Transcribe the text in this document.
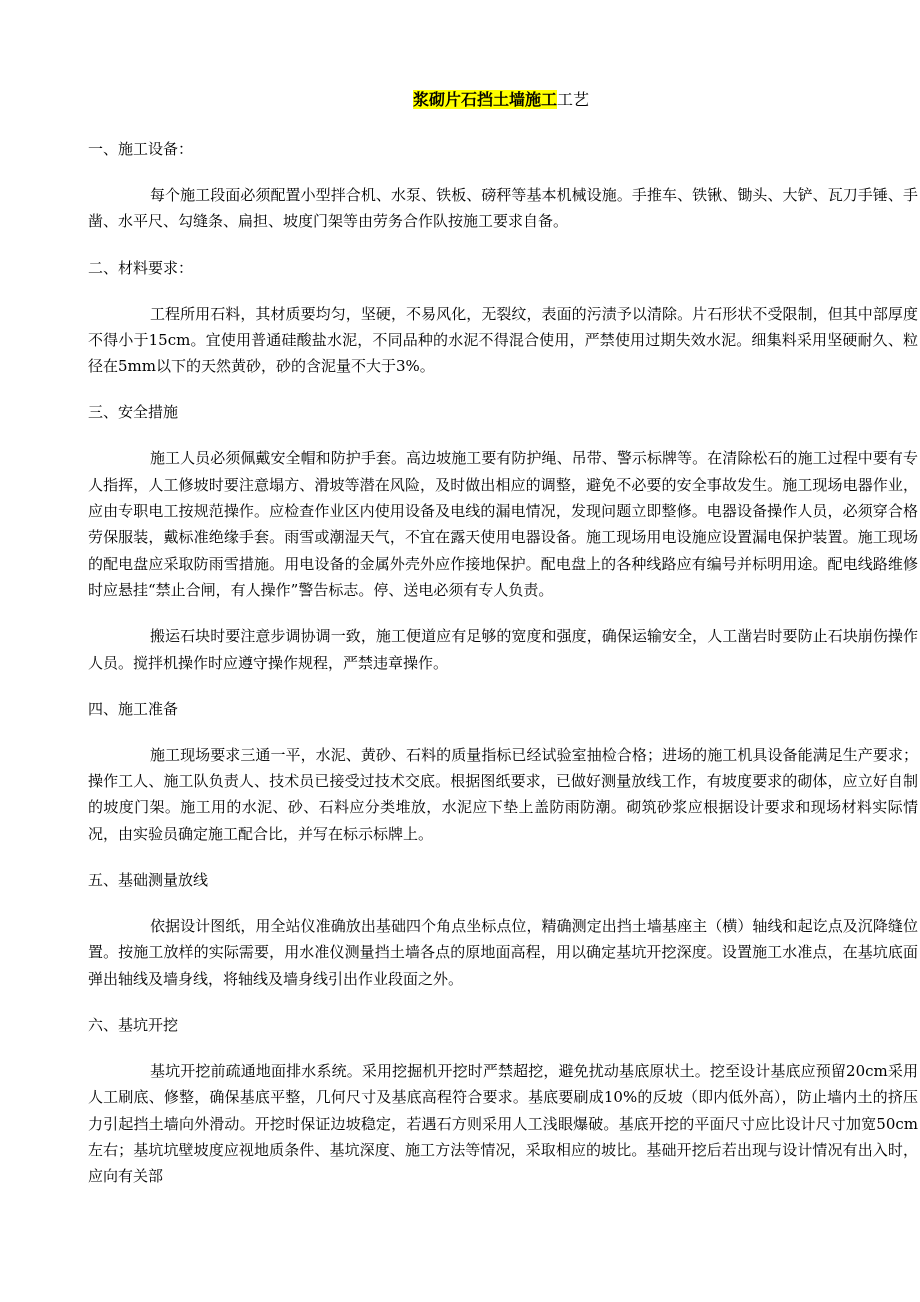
浆砌片石挡土墙施工工艺
一、施工设备：

每个施工段面必须配置小型拌合机、水泵、铁板、磅秤等基本机械设施。手推车、铁锹、锄头、大铲、瓦刀手锤、手凿、水平尺、勾缝条、扁担、坡度门架等由劳务合作队按施工要求自备。

二、材料要求：

工程所用石料，其材质要均匀，坚硬，不易风化，无裂纹，表面的污渍予以清除。片石形状不受限制，但其中部厚度不得小于15cm。宜使用普通硅酸盐水泥，不同品种的水泥不得混合使用，严禁使用过期失效水泥。细集料采用坚硬耐久、粒径在5mm以下的天然黄砂，砂的含泥量不大于3%。

三、安全措施

施工人员必须佩戴安全帽和防护手套。高边坡施工要有防护绳、吊带、警示标牌等。在清除松石的施工过程中要有专人指挥，人工修坡时要注意塌方、滑坡等潜在风险，及时做出相应的调整，避免不必要的安全事故发生。施工现场电器作业，应由专职电工按规范操作。应检查作业区内使用设备及电线的漏电情况，发现问题立即整修。电器设备操作人员，必须穿合格劳保服装，戴标准绝缘手套。雨雪或潮湿天气，不宜在露天使用电器设备。施工现场用电设施应设置漏电保护装置。施工现场的配电盘应采取防雨雪措施。用电设备的金属外壳外应作接地保护。配电盘上的各种线路应有编号并标明用途。配电线路维修时应悬挂“禁止合闸，有人操作”警告标志。停、送电必须有专人负责。

搬运石块时要注意步调协调一致，施工便道应有足够的宽度和强度，确保运输安全，人工凿岩时要防止石块崩伤操作人员。搅拌机操作时应遵守操作规程，严禁违章操作。

四、施工准备

施工现场要求三通一平，水泥、黄砂、石料的质量指标已经试验室抽检合格；进场的施工机具设备能满足生产要求；操作工人、施工队负责人、技术员已接受过技术交底。根据图纸要求，已做好测量放线工作，有坡度要求的砌体，应立好自制的坡度门架。施工用的水泥、砂、石料应分类堆放，水泥应下垫上盖防雨防潮。砌筑砂浆应根据设计要求和现场材料实际情况，由实验员确定施工配合比，并写在标示标牌上。

五、基础测量放线

依据设计图纸，用全站仪准确放出基础四个角点坐标点位，精确测定出挡土墙基座主（横）轴线和起讫点及沉降缝位置。按施工放样的实际需要，用水准仪测量挡土墙各点的原地面高程，用以确定基坑开挖深度。设置施工水准点，在基坑底面弹出轴线及墙身线，将轴线及墙身线引出作业段面之外。

六、基坑开挖

基坑开挖前疏通地面排水系统。采用挖掘机开挖时严禁超挖，避免扰动基底原状土。挖至设计基底应预留20cm采用人工刷底、修整，确保基底平整，几何尺寸及基底高程符合要求。基底要刷成10%的反坡（即内低外高），防止墙内土的挤压力引起挡土墙向外滑动。开挖时保证边坡稳定，若遇石方则采用人工浅眼爆破。基底开挖的平面尺寸应比设计尺寸加宽50cm左右；基坑坑壁坡度应视地质条件、基坑深度、施工方法等情况，采取相应的坡比。基础开挖后若出现与设计情况有出入时，应向有关部
